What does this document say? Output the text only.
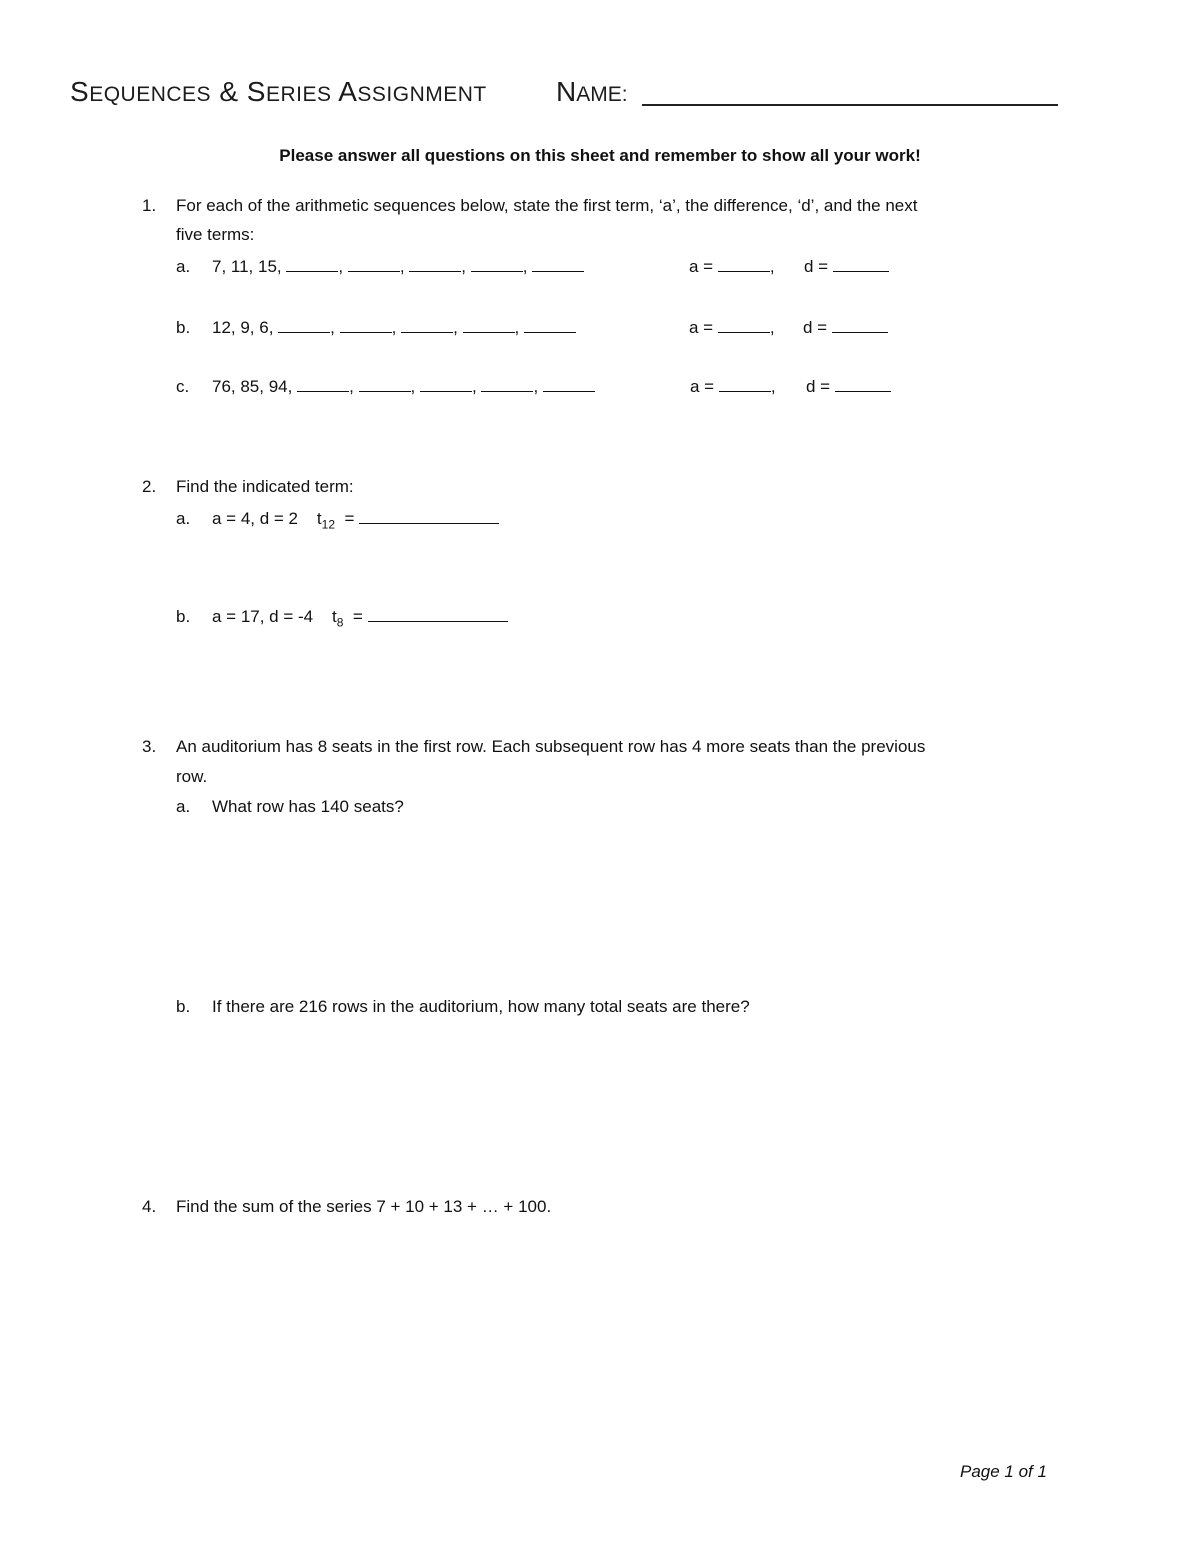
SEQUENCES & SERIES ASSIGNMENT NAME:
Please answer all questions on this sheet and remember to show all your work!
1. For each of the arithmetic sequences below, state the first term, ‘a’, the difference, ‘d’, and the next
five terms:
a. 7, 11, 15,	,	,	,	,	a =	, d =
b. 12, 9, 6,	,	,	,	,	a =	, d =
c. 76, 85, 94,	,	,	,	,	a =	, d =
2. Find the indicated term:
a. a = 4, d = 2 $t_{12}$ =
b. a = 17, d = -4 $t_8$ =
3. An auditorium has 8 seats in the first row. Each subsequent row has 4 more seats than the previous
row.
a. What row has 140 seats?
b. If there are 216 rows in the auditorium, how many total seats are there?
4. Find the sum of the series 7 + 10 + 13 + … + 100.
Page 1 of 1
